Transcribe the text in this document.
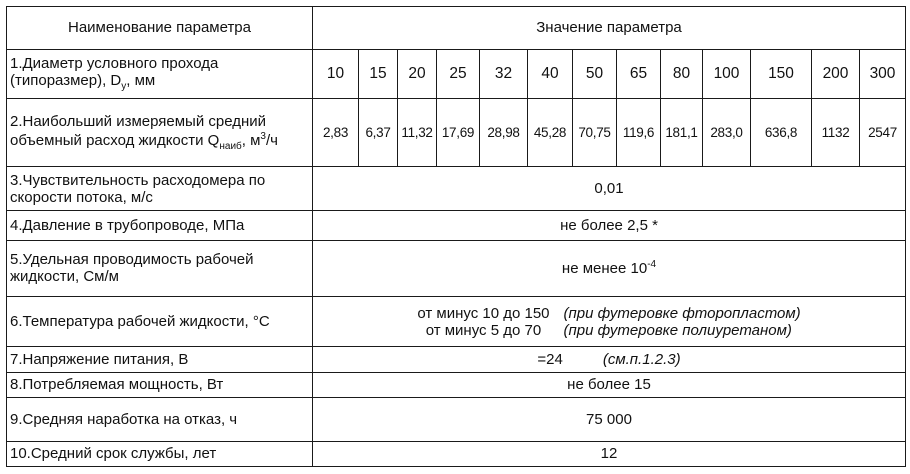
Наименование параметра	Значение параметра												
1.Диаметр условного прохода (типоразмер), $D_у$, мм	10	15	20	25	32	40	50	65	80	100	150	200	300
2.Наибольший измеряемый средний объемный расход жидкости $Q_{наиб}$, $м^3/ч$	2,83	6,37	11,32	17,69	28,98	45,28	70,75	119,6	181,1	283,0	636,8	1132	2547
3.Чувствительность расходомера по скорости потока, м/с	0,01												
4.Давление в трубопроводе, МПа	не более 2,5 *												
5.Удельная проводимость рабочей жидкости, См/м	не менее $10^{-4}$
6.Температура рабочей жидкости, °С	от минус 10 до 150 (при футеровке фторопластом)
от минус 5 до 70 (при футеровке полиуретаном)												

7.Напряжение питания, В	=24 (см.п.1.2.3)												
8.Потребляемая мощность, Вт	не более 15												
9.Средняя наработка на отказ, ч	75 000												
10.Средний срок службы, лет	12												
